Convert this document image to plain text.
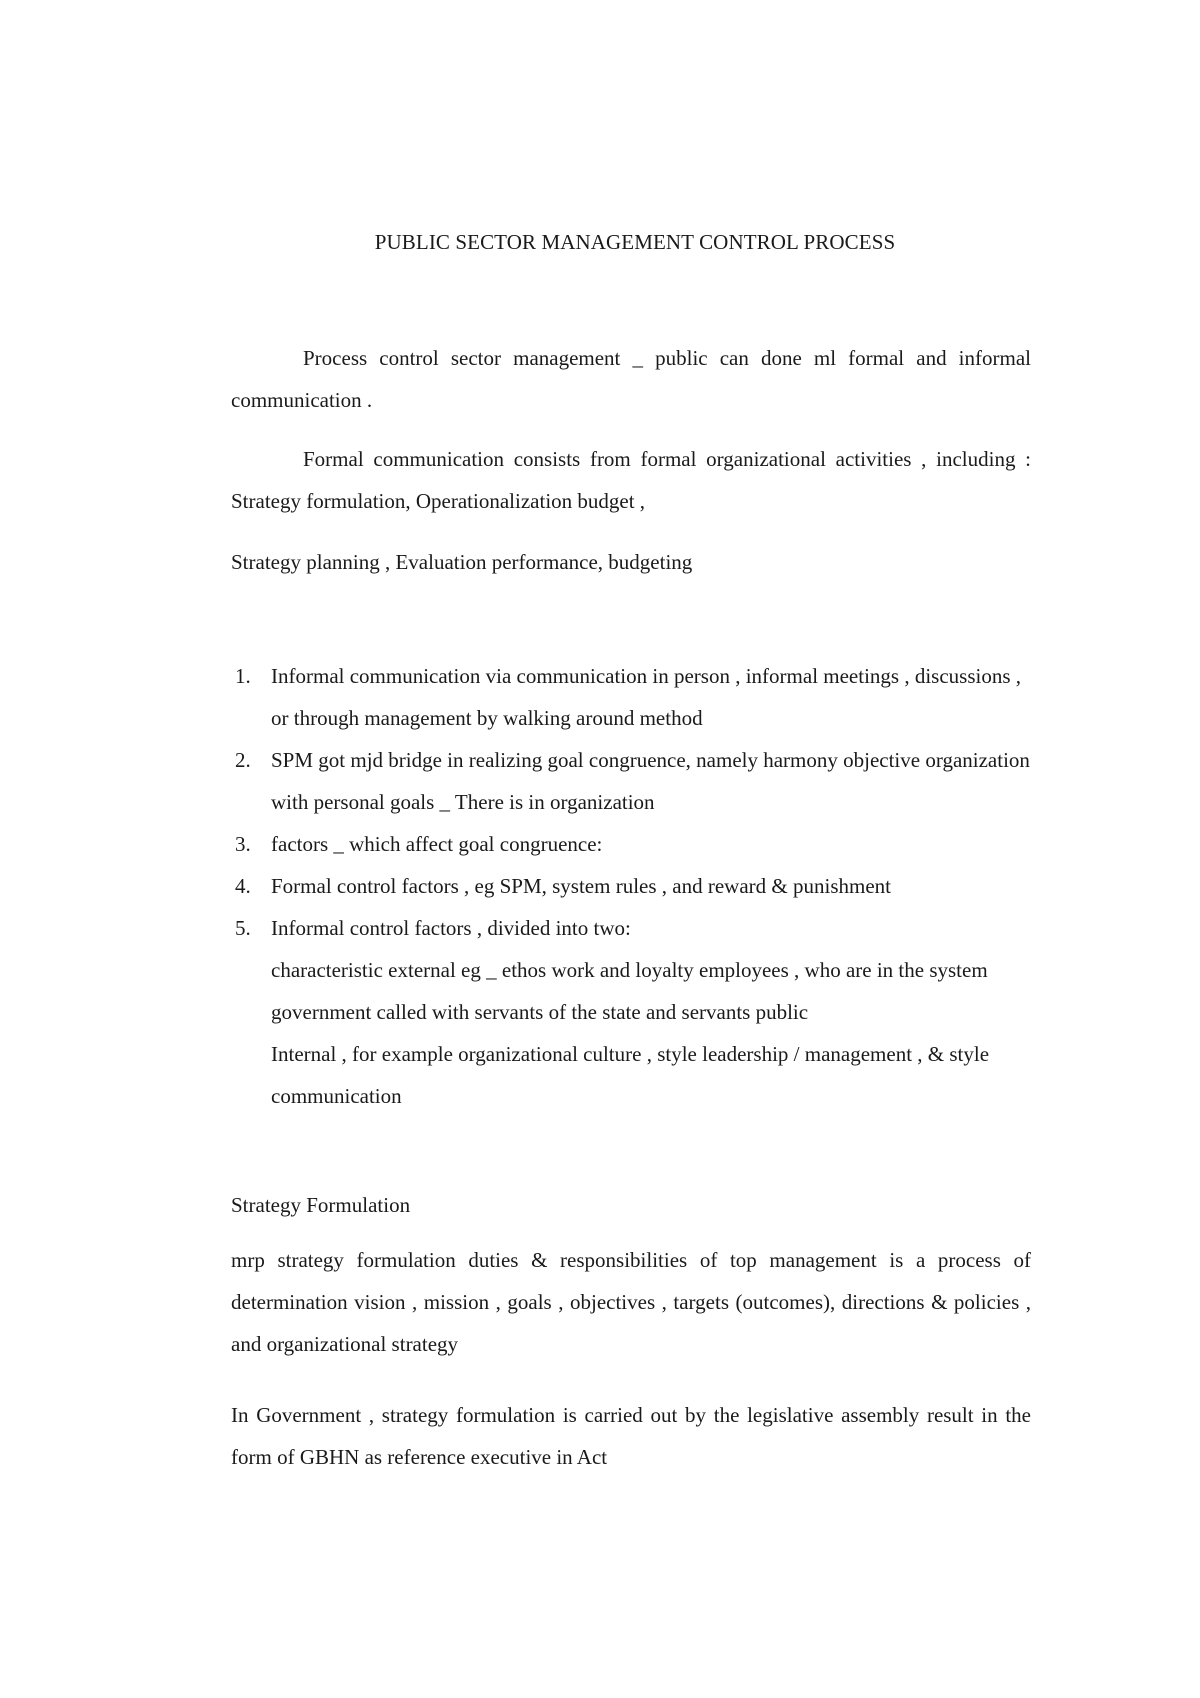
PUBLIC SECTOR MANAGEMENT CONTROL PROCESS

Process control sector management _ public can done ml formal and informal communication .

Formal communication consists from formal organizational activities , including : Strategy formulation, Operationalization budget ,

Strategy planning , Evaluation performance, budgeting

1. Informal communication via communication in person , informal meetings , discussions , or through management by walking around method
2. SPM got mjd bridge in realizing goal congruence, namely harmony objective organization with personal goals _ There is in organization
3. factors _ which affect goal congruence:
4. Formal control factors , eg SPM, system rules , and reward & punishment
5. Informal control factors , divided into two:
characteristic external eg _ ethos work and loyalty employees , who are in the system government called with servants of the state and servants public
Internal , for example organizational culture , style leadership / management , & style communication

Strategy Formulation

mrp strategy formulation duties & responsibilities of top management is a process of determination vision , mission , goals , objectives , targets (outcomes), directions & policies , and organizational strategy

In Government , strategy formulation is carried out by the legislative assembly result in the form of GBHN as reference executive in Act
